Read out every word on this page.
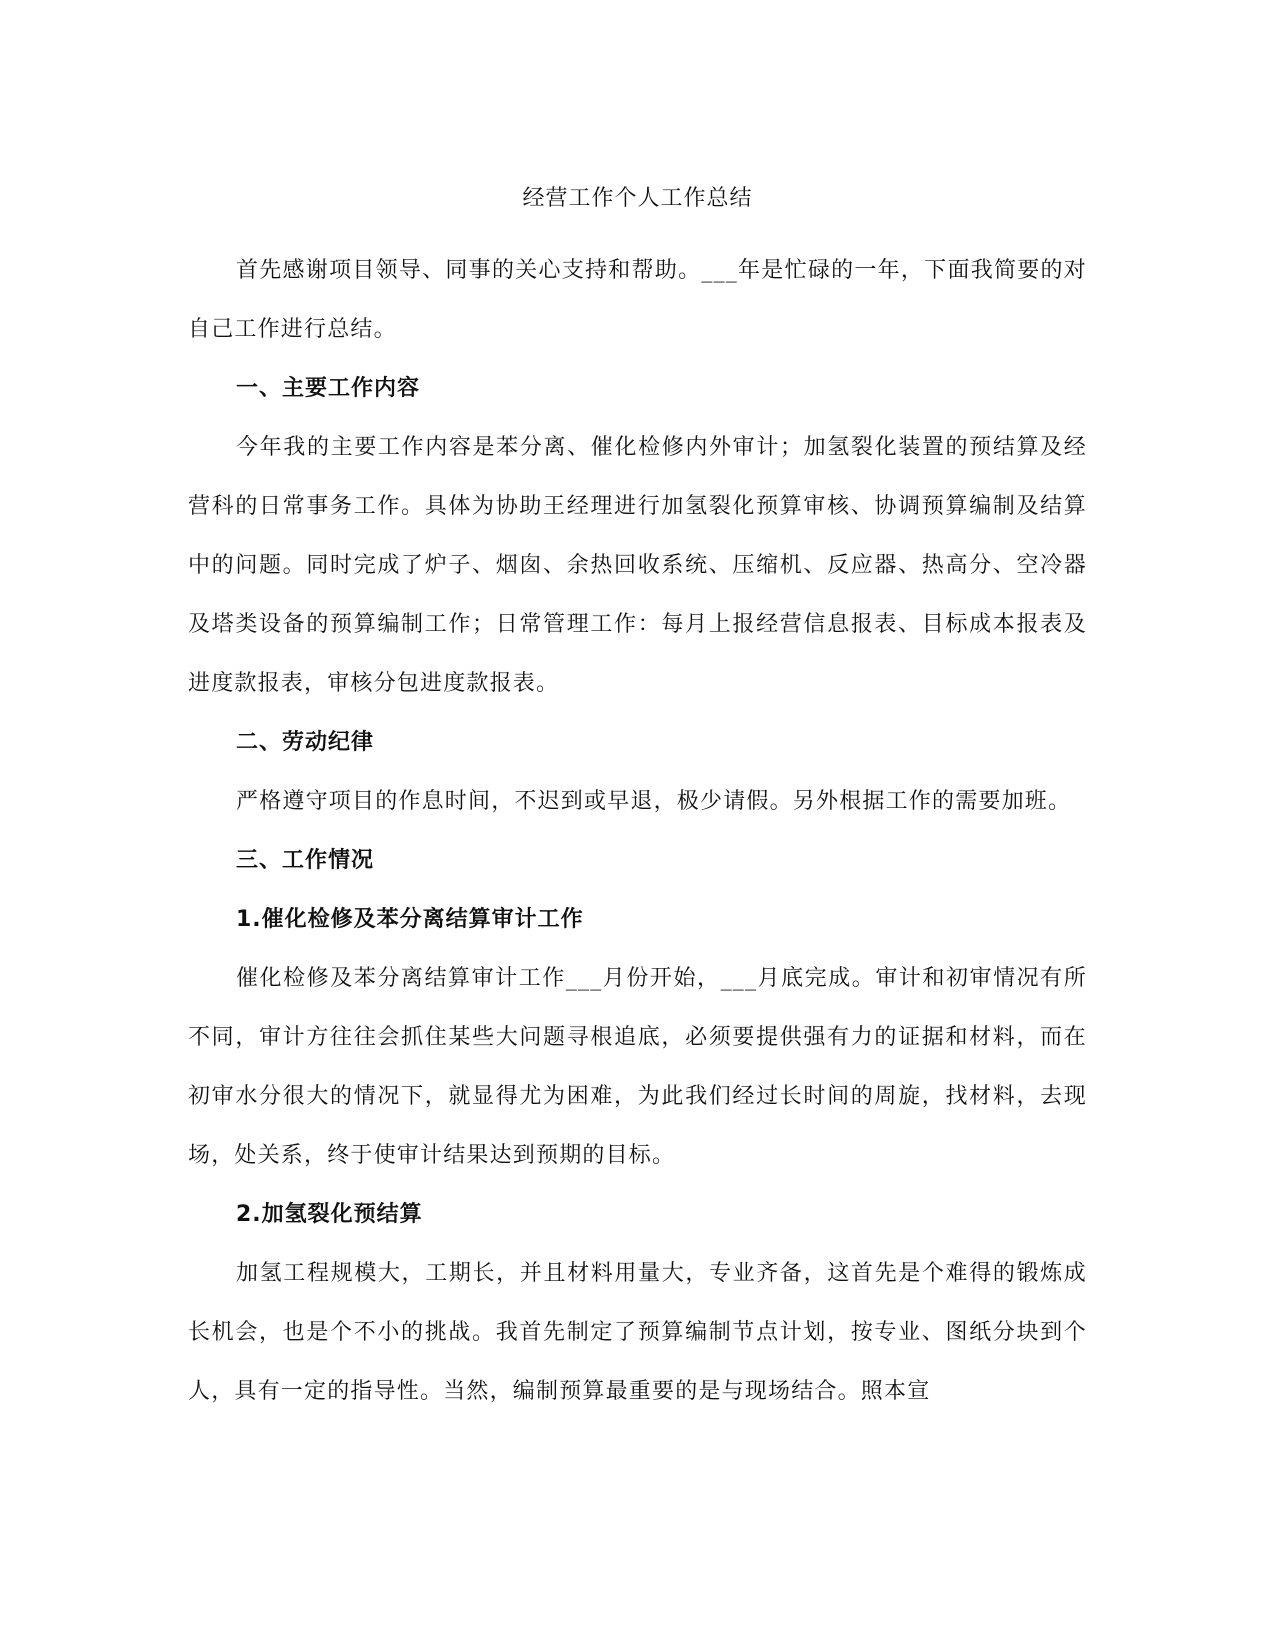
经营工作个人工作总结

首先感谢项目领导、同事的关心支持和帮助。___年是忙碌的一年，下面我简要的对自己工作进行总结。

一、主要工作内容

今年我的主要工作内容是苯分离、催化检修内外审计；加氢裂化装置的预结算及经营科的日常事务工作。具体为协助王经理进行加氢裂化预算审核、协调预算编制及结算中的问题。同时完成了炉子、烟囱、余热回收系统、压缩机、反应器、热高分、空冷器及塔类设备的预算编制工作；日常管理工作：每月上报经营信息报表、目标成本报表及进度款报表，审核分包进度款报表。

二、劳动纪律

严格遵守项目的作息时间，不迟到或早退，极少请假。另外根据工作的需要加班。

三、工作情况

1.催化检修及苯分离结算审计工作

催化检修及苯分离结算审计工作___月份开始，___月底完成。审计和初审情况有所不同，审计方往往会抓住某些大问题寻根追底，必须要提供强有力的证据和材料，而在初审水分很大的情况下，就显得尤为困难，为此我们经过长时间的周旋，找材料，去现场，处关系，终于使审计结果达到预期的目标。

2.加氢裂化预结算

加氢工程规模大，工期长，并且材料用量大，专业齐备，这首先是个难得的锻炼成长机会，也是个不小的挑战。我首先制定了预算编制节点计划，按专业、图纸分块到个人，具有一定的指导性。当然，编制预算最重要的是与现场结合。照本宣
